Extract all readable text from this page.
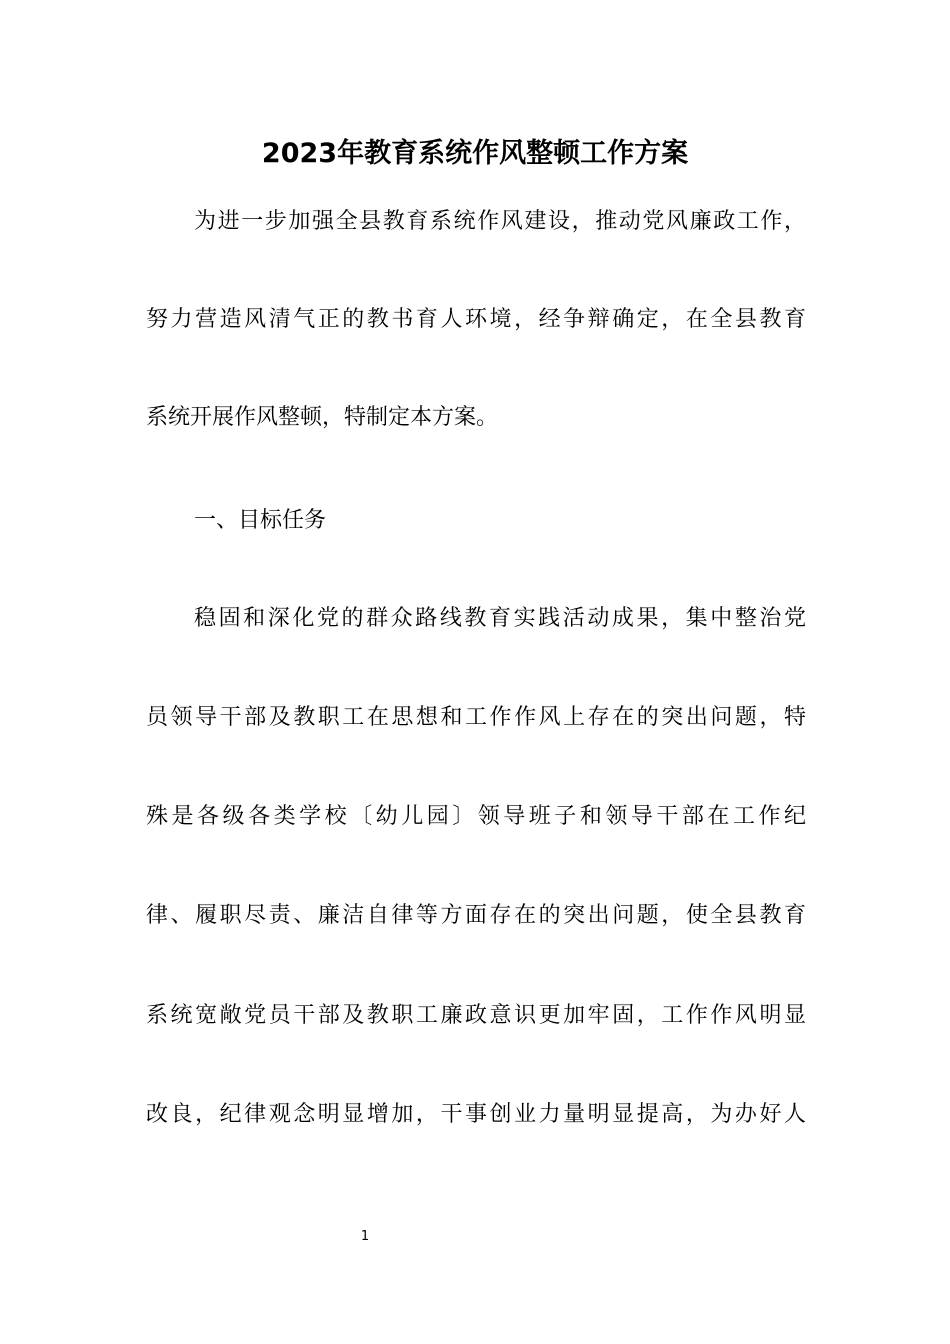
2023年教育系统作风整顿工作方案

为进一步加强全县教育系统作风建设，推动党风廉政工作，

努力营造风清气正的教书育人环境，经争辩确定，在全县教育

系统开展作风整顿，特制定本方案。

一、目标任务

稳固和深化党的群众路线教育实践活动成果，集中整治党

员领导干部及教职工在思想和工作作风上存在的突出问题，特

殊是各级各类学校〔幼儿园〕领导班子和领导干部在工作纪

律、履职尽责、廉洁自律等方面存在的突出问题，使全县教育

系统宽敞党员干部及教职工廉政意识更加牢固，工作作风明显

改良，纪律观念明显增加，干事创业力量明显提高，为办好人

1
